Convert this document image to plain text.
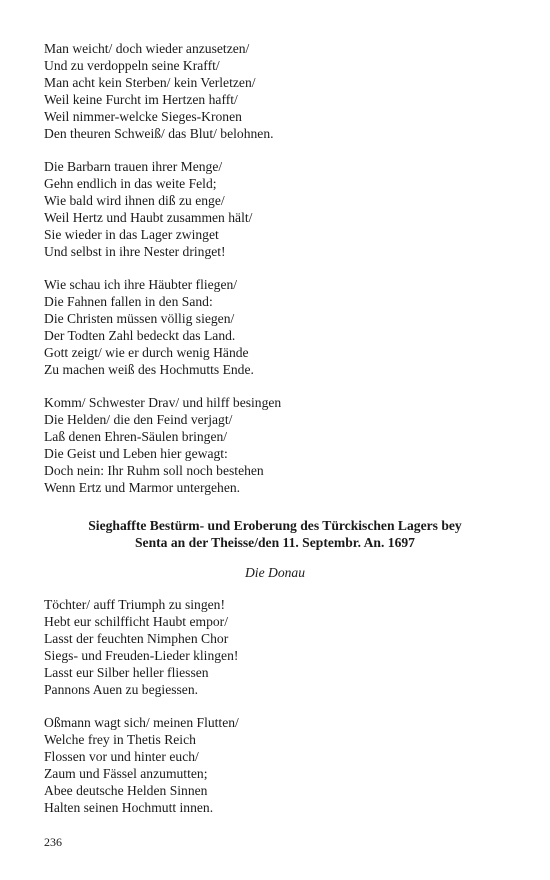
Man weicht/ doch wieder anzusetzen/
Und zu verdoppeln seine Krafft/
Man acht kein Sterben/ kein Verletzen/
Weil keine Furcht im Hertzen hafft/
Weil nimmer-welcke Sieges-Kronen
Den theuren Schweiß/ das Blut/ belohnen.
Die Barbarn trauen ihrer Menge/
Gehn endlich in das weite Feld;
Wie bald wird ihnen diß zu enge/
Weil Hertz und Haubt zusammen hält/
Sie wieder in das Lager zwinget
Und selbst in ihre Nester dringet!
Wie schau ich ihre Häubter fliegen/
Die Fahnen fallen in den Sand:
Die Christen müssen völlig siegen/
Der Todten Zahl bedeckt das Land.
Gott zeigt/ wie er durch wenig Hände
Zu machen weiß des Hochmutts Ende.
Komm/ Schwester Drav/ und hilff besingen
Die Helden/ die den Feind verjagt/
Laß denen Ehren-Säulen bringen/
Die Geist und Leben hier gewagt:
Doch nein: Ihr Ruhm soll noch bestehen
Wenn Ertz und Marmor untergehen.
Sieghaffte Bestürm- und Eroberung des Türckischen Lagers bey
Senta an der Theisse/den 11. Septembr. An. 1697
Die Donau
Töchter/ auff Triumph zu singen!
Hebt eur schilfficht Haubt empor/
Lasst der feuchten Nimphen Chor
Siegs- und Freuden-Lieder klingen!
Lasst eur Silber heller fliessen
Pannons Auen zu begiessen.
Oßmann wagt sich/ meinen Flutten/
Welche frey in Thetis Reich
Flossen vor und hinter euch/
Zaum und Fässel anzumutten;
Abee deutsche Helden Sinnen
Halten seinen Hochmutt innen.
236
